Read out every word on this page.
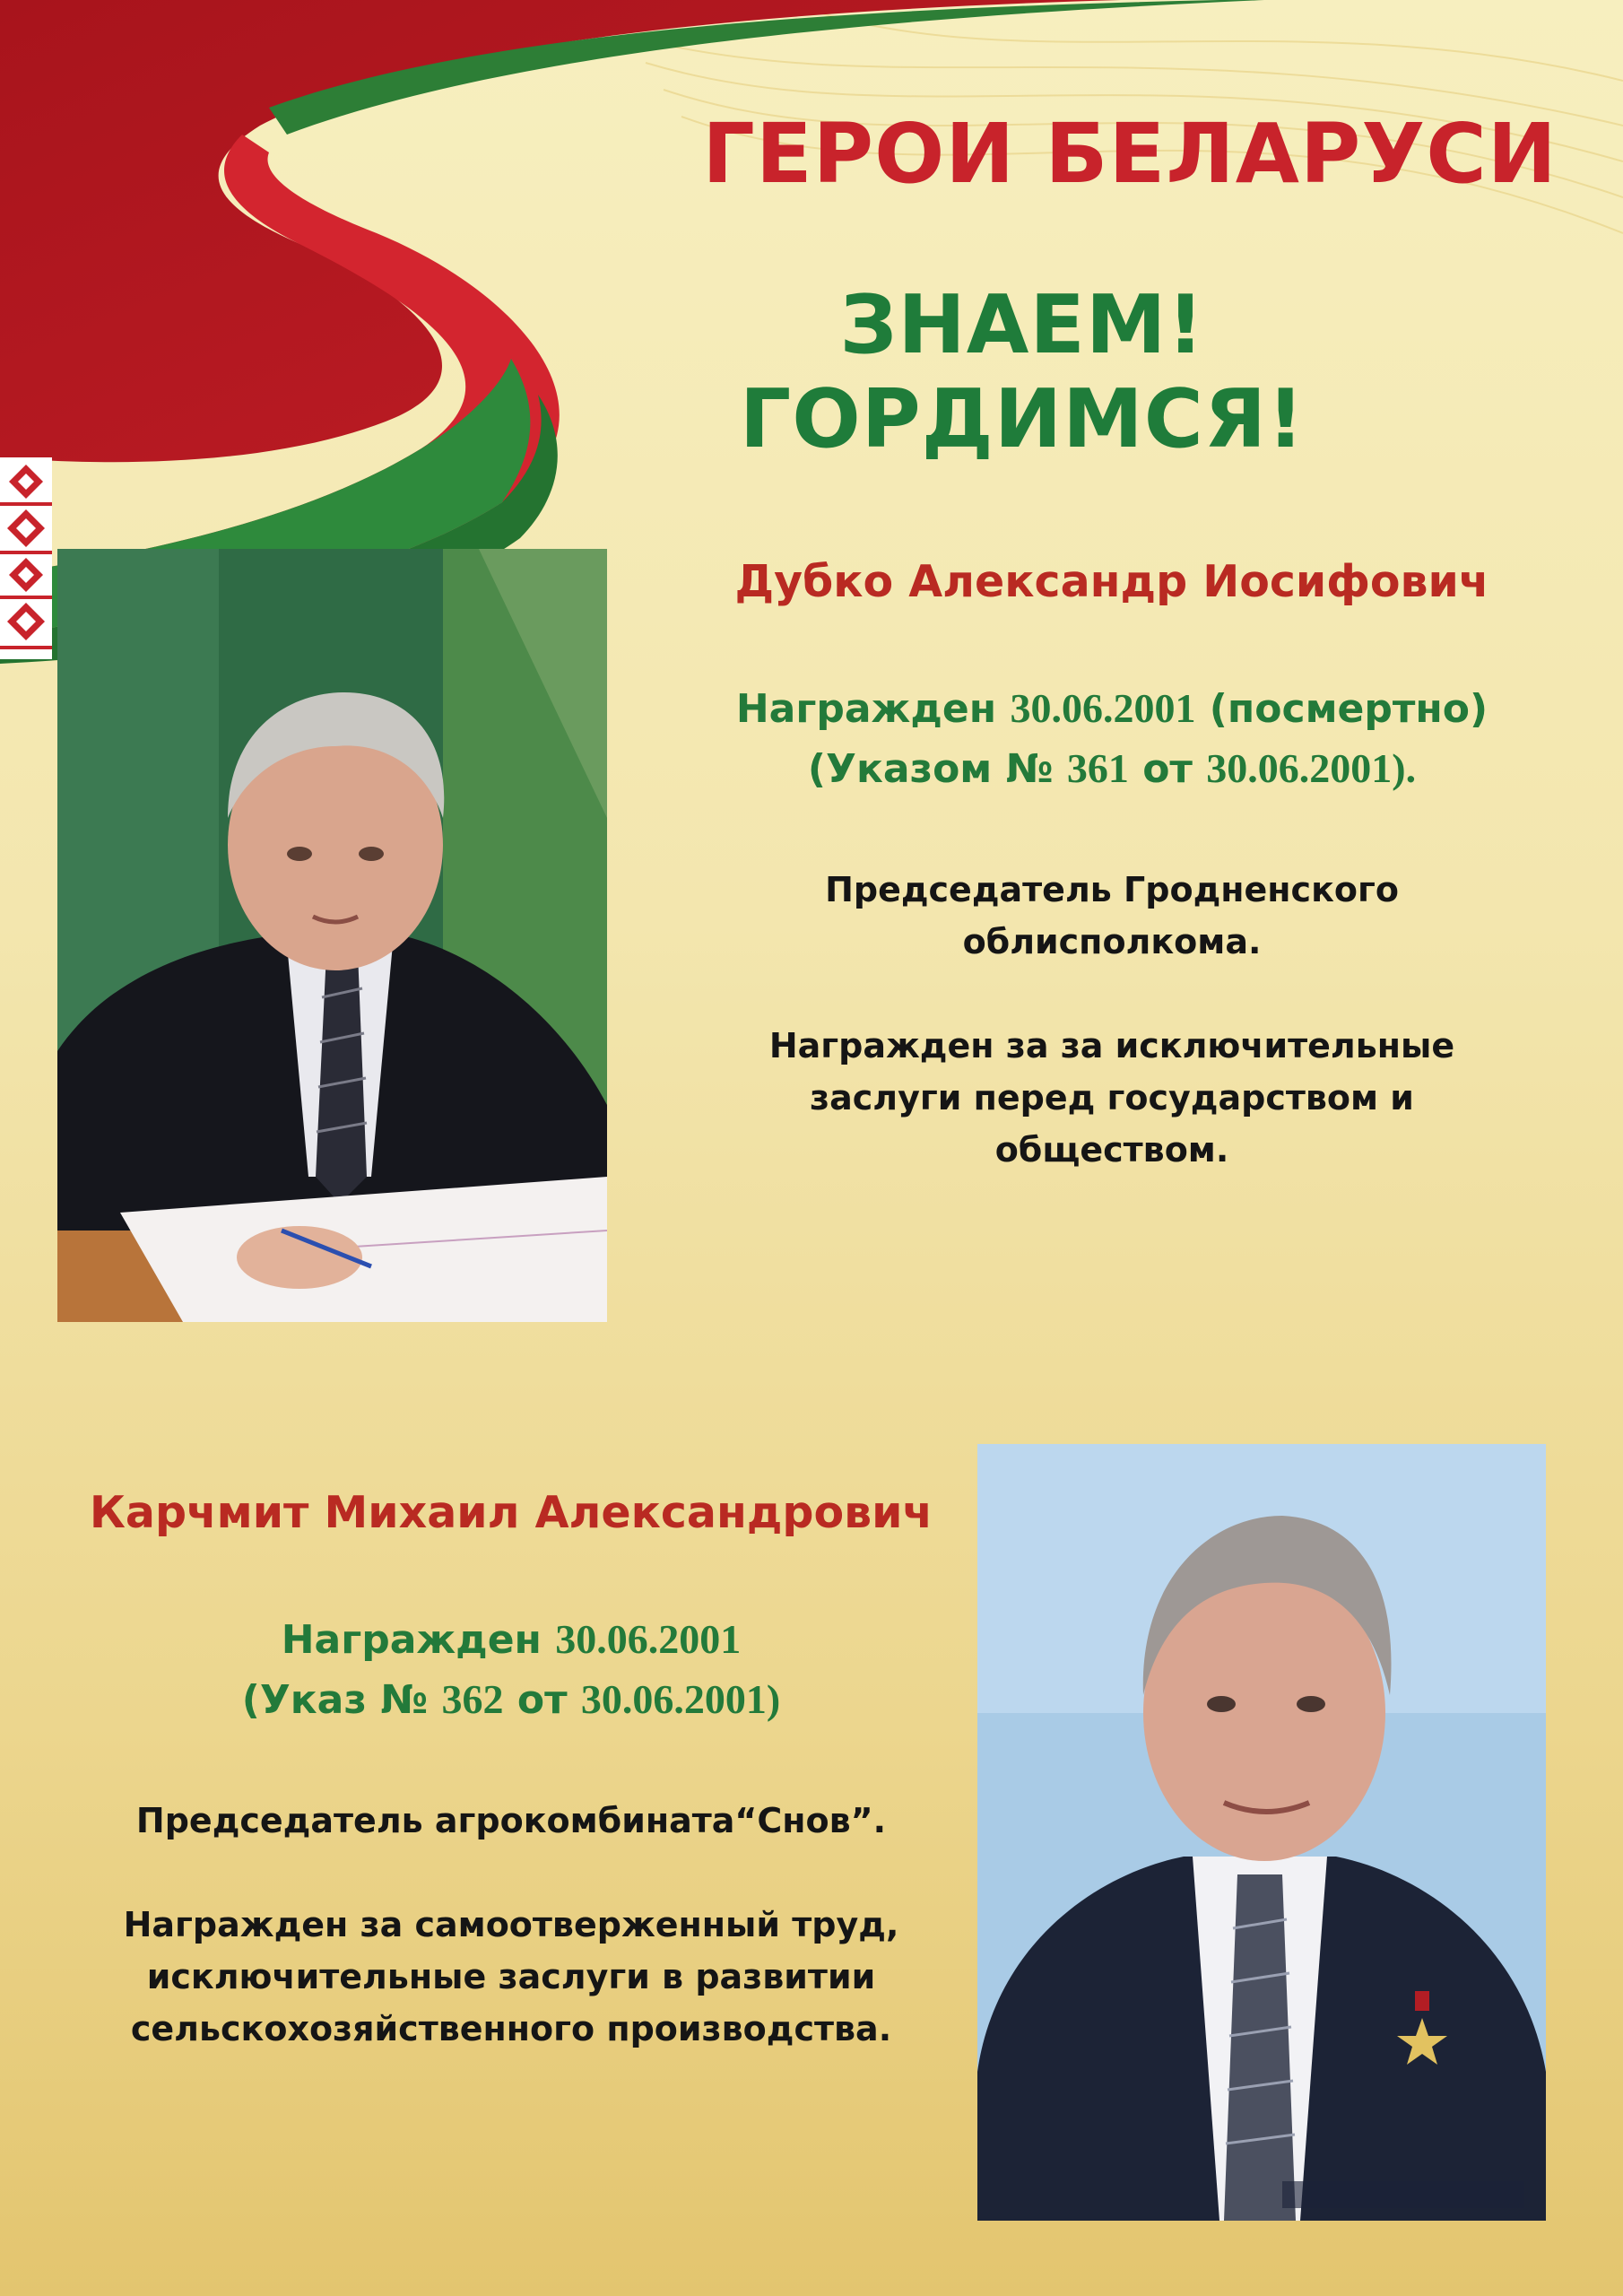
ГЕРОИ БЕЛАРУСИ
ЗНАЕМ! ГОРДИМСЯ!
Дубко Александр Иосифович
Награжден 30.06.2001 (посмертно)
(Указом № 361 от 30.06.2001).
Председатель Гродненского
облисполкома.
Награжден за за исключительные
заслуги перед государством и
обществом.
Карчмит Михаил Александрович
Награжден 30.06.2001
(Указ № 362 от 30.06.2001)
Председатель агрокомбината“Снов”.
Награжден за самоотверженный труд,
исключительные заслуги в развитии
сельскохозяйственного производства.
